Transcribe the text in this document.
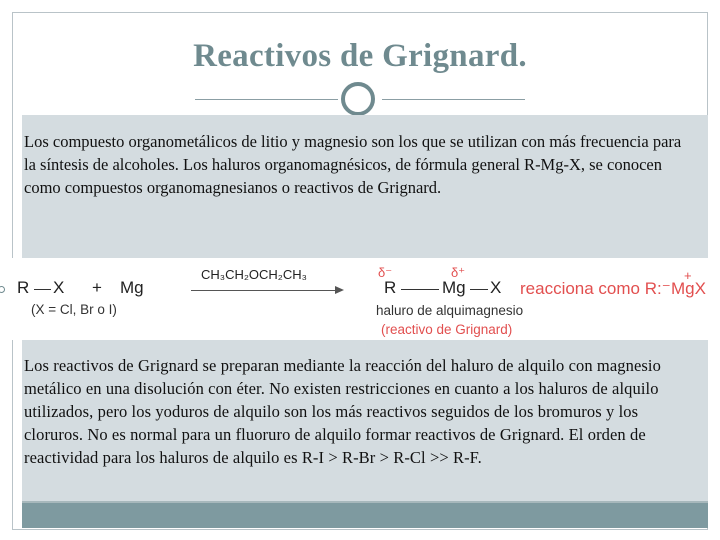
Reactivos de Grignard.
Los compuesto organometálicos de litio y magnesio son los que se utilizan con más frecuencia para la síntesis de alcoholes. Los haluros organomagnésicos, de fórmula general R-Mg-X, se conocen como compuestos organomagnesianos o reactivos de Grignard.
R X + Mg
(X = Cl, Br o I)
CH₃CH₂OCH₂CH₃	δ⁻	δ⁺
R	Mg X
haluro de alquimagnesio
(reactivo de Grignard)
reacciona como R:⁻
+
MgX
Los reactivos de Grignard se preparan mediante la reacción del haluro de alquilo con magnesio metálico en una disolución con éter. No existen restricciones en cuanto a los haluros de alquilo utilizados, pero los yoduros de alquilo son los más reactivos seguidos de los bromuros y los cloruros. No es normal para un fluoruro de alquilo formar reactivos de Grignard. El orden de reactividad para los haluros de alquilo es R-I > R-Br > R-Cl >> R-F.
